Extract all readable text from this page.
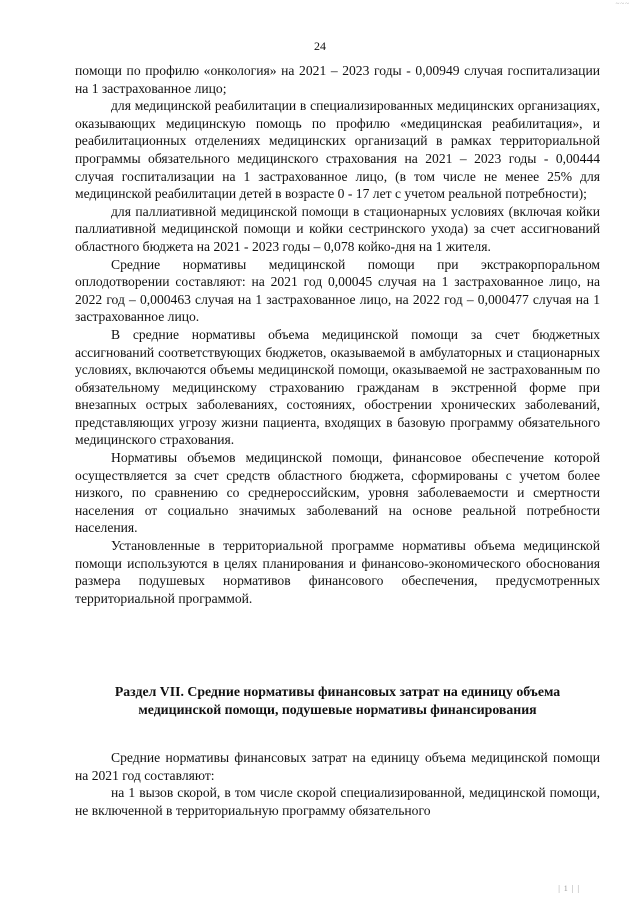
~~~
24

помощи по профилю «онкология» на 2021 – 2023 годы - 0,00949 случая госпитализации на 1 застрахованное лицо;

для медицинской реабилитации в специализированных медицинских организациях, оказывающих медицинскую помощь по профилю «медицинская реабилитация», и реабилитационных отделениях медицинских организаций в рамках территориальной программы обязательного медицинского страхования на 2021 – 2023 годы - 0,00444 случая госпитализации на 1 застрахованное лицо, (в том числе не менее 25% для медицинской реабилитации детей в возрасте 0 - 17 лет с учетом реальной потребности);

для паллиативной медицинской помощи в стационарных условиях (включая койки паллиативной медицинской помощи и койки сестринского ухода) за счет ассигнований областного бюджета на 2021 - 2023 годы – 0,078 койко-дня на 1 жителя.

Средние нормативы медицинской помощи при экстракорпоральном оплодотворении составляют: на 2021 год 0,00045 случая на 1 застрахованное лицо, на 2022 год – 0,000463 случая на 1 застрахованное лицо, на 2022 год – 0,000477 случая на 1 застрахованное лицо.

В средние нормативы объема медицинской помощи за счет бюджетных ассигнований соответствующих бюджетов, оказываемой в амбулаторных и стационарных условиях, включаются объемы медицинской помощи, оказываемой не застрахованным по обязательному медицинскому страхованию гражданам в экстренной форме при внезапных острых заболеваниях, состояниях, обострении хронических заболеваний, представляющих угрозу жизни пациента, входящих в базовую программу обязательного медицинского страхования.

Нормативы объемов медицинской помощи, финансовое обеспечение которой осуществляется за счет средств областного бюджета, сформированы с учетом более низкого, по сравнению со среднероссийским, уровня заболеваемости и смертности населения от социально значимых заболеваний на основе реальной потребности населения.

Установленные в территориальной программе нормативы объема медицинской помощи используются в целях планирования и финансово-экономического обоснования размера подушевых нормативов финансового обеспечения, предусмотренных территориальной программой.

Раздел VII. Средние нормативы финансовых затрат на единицу объема медицинской помощи, подушевые нормативы финансирования

Средние нормативы финансовых затрат на единицу объема медицинской помощи на 2021 год составляют:

на 1 вызов скорой, в том числе скорой специализированной, медицинской помощи, не включенной в территориальную программу обязательного

| 1 | |
